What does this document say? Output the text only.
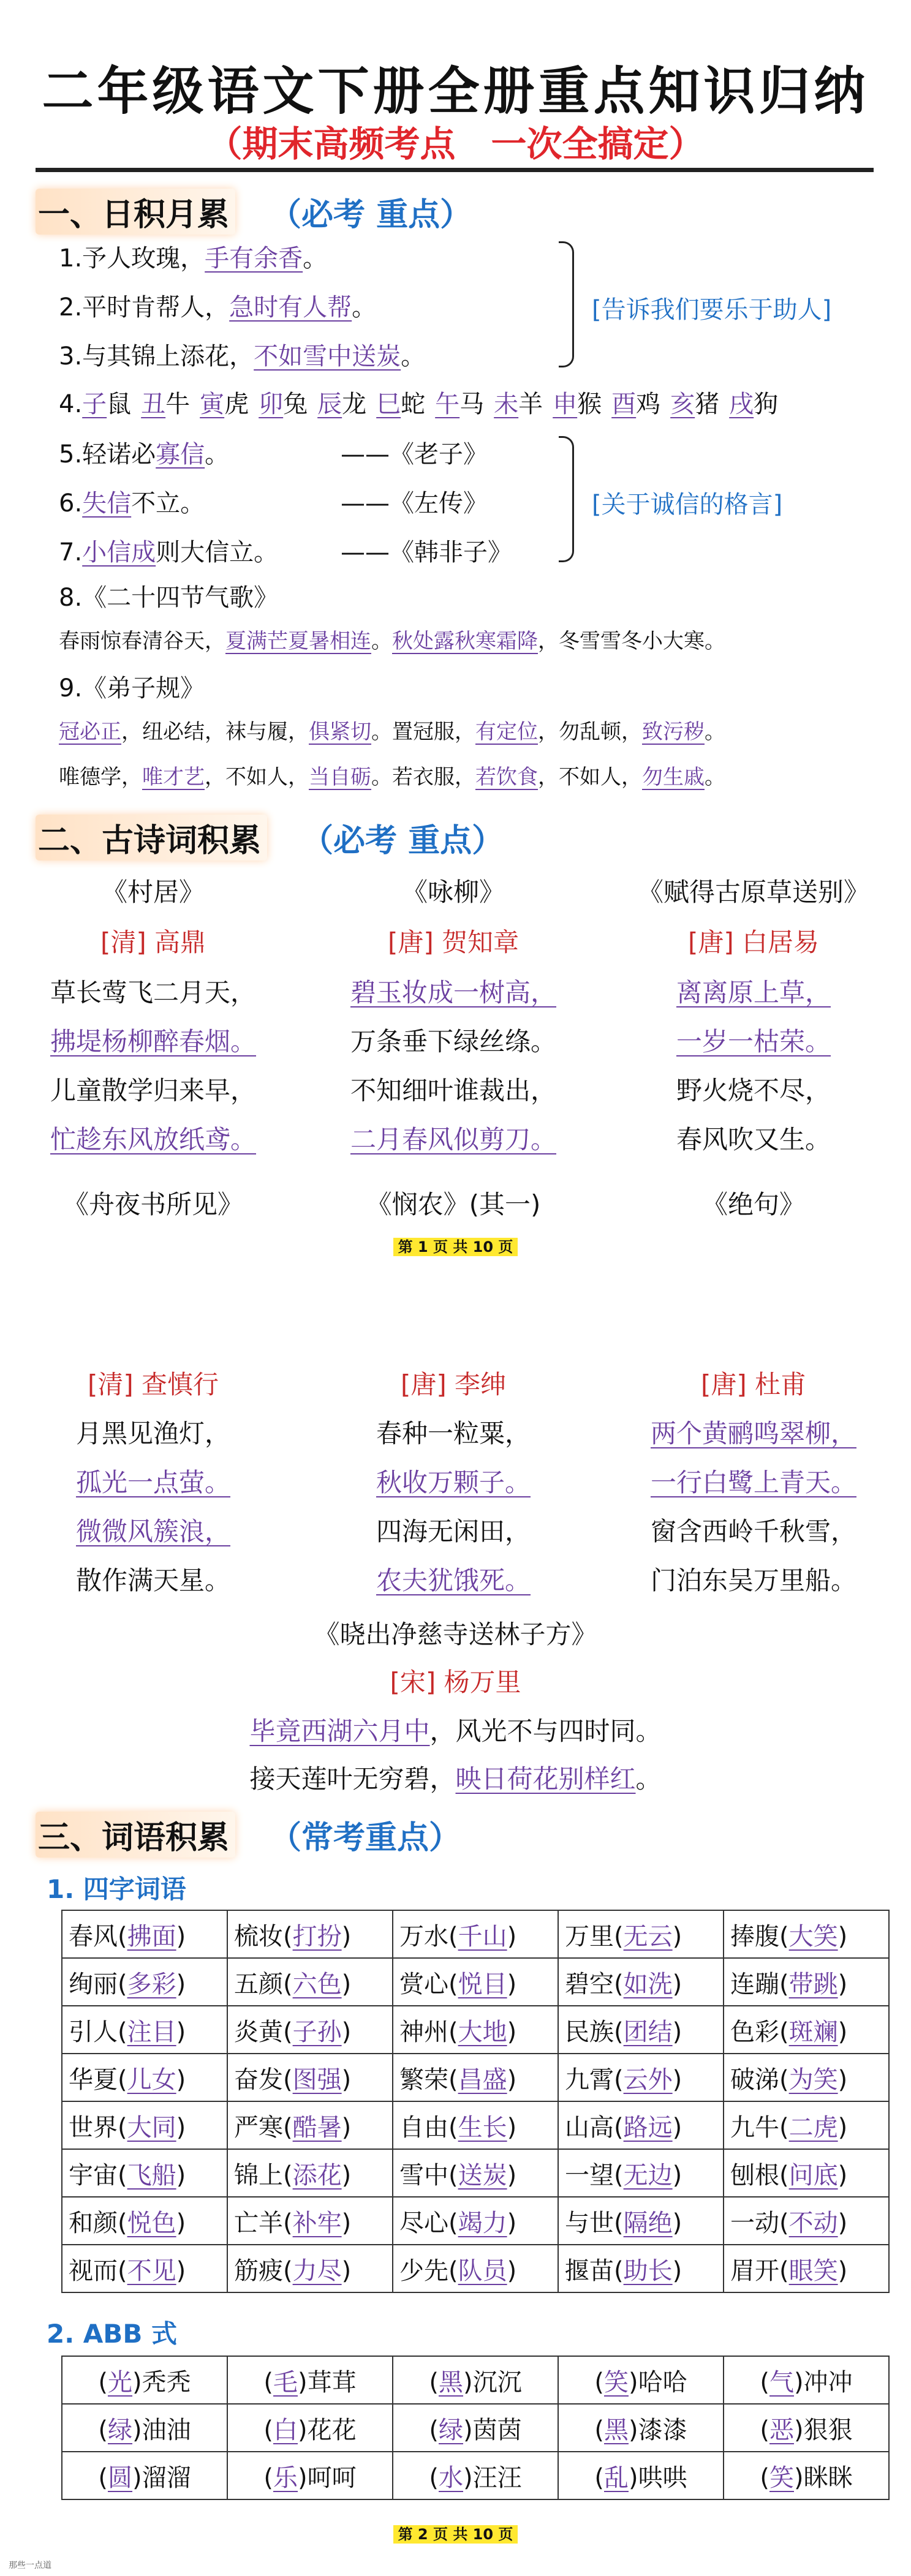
二年级语文下册全册重点知识归纳
（期末高频考点　一次全搞定）
一、日积月累 （必考 重点）
1.予人玫瑰，手有余香。
2.平时肯帮人，急时有人帮。
3.与其锦上添花，不如雪中送炭。
[告诉我们要乐于助人]
4.子鼠 丑牛 寅虎 卯兔 辰龙 巳蛇 午马 未羊 申猴 酉鸡 亥猪 戌狗
5.轻诺必寡信。	——《老子》
6.失信不立。	——《左传》
7.小信成则大信立。	——《韩非子》
[关于诚信的格言]
8.《二十四节气歌》
春雨惊春清谷天，夏满芒夏暑相连。秋处露秋寒霜降，冬雪雪冬小大寒。
9.《弟子规》
冠必正，纽必结，袜与履，俱紧切。置冠服，有定位，勿乱顿，致污秽。
唯德学，唯才艺，不如人，当自砺。若衣服，若饮食，不如人，勿生戚。
二、古诗词积累 （必考 重点）
《村居》
[清] 高鼎
草长莺飞二月天，
拂堤杨柳醉春烟。
儿童散学归来早，
忙趁东风放纸鸢。
《咏柳》
[唐] 贺知章
碧玉妆成一树高，
万条垂下绿丝绦。
不知细叶谁裁出，
二月春风似剪刀。
《赋得古原草送别》
[唐] 白居易
离离原上草，
一岁一枯荣。
野火烧不尽，
春风吹又生。
《舟夜书所见》	《悯农》(其一)	《绝句》
第 1 页 共 10 页
[清] 查慎行
月黑见渔灯，
孤光一点萤。
微微风簇浪，
散作满天星。
[唐] 李绅
春种一粒粟，
秋收万颗子。
四海无闲田，
农夫犹饿死。
[唐] 杜甫
两个黄鹂鸣翠柳，
一行白鹭上青天。
窗含西岭千秋雪，
门泊东吴万里船。
《晓出净慈寺送林子方》
[宋] 杨万里
毕竟西湖六月中，风光不与四时同。
接天莲叶无穷碧，映日荷花别样红。
三、词语积累 （常考重点）
1. 四字词语
春风(拂面)	梳妆(打扮)	万水(千山)	万里(无云)	捧腹(大笑)
绚丽(多彩)	五颜(六色)	赏心(悦目)	碧空(如洗)	连蹦(带跳)
引人(注目)	炎黄(子孙)	神州(大地)	民族(团结)	色彩(斑斓)
华夏(儿女)	奋发(图强)	繁荣(昌盛)	九霄(云外)	破涕(为笑)
世界(大同)	严寒(酷暑)	自由(生长)	山高(路远)	九牛(二虎)
宇宙(飞船)	锦上(添花)	雪中(送炭)	一望(无边)	刨根(问底)
和颜(悦色)	亡羊(补牢)	尽心(竭力)	与世(隔绝)	一动(不动)
视而(不见)	筋疲(力尽)	少先(队员)	揠苗(助长)	眉开(眼笑)
2. ABB 式
(光)秃秃	(毛)茸茸	(黑)沉沉	(笑)哈哈	(气)冲冲
(绿)油油	(白)花花	(绿)茵茵	(黑)漆漆	(恶)狠狠
(圆)溜溜	(乐)呵呵	(水)汪汪	(乱)哄哄	(笑)眯眯
第 2 页 共 10 页
那些一点道
